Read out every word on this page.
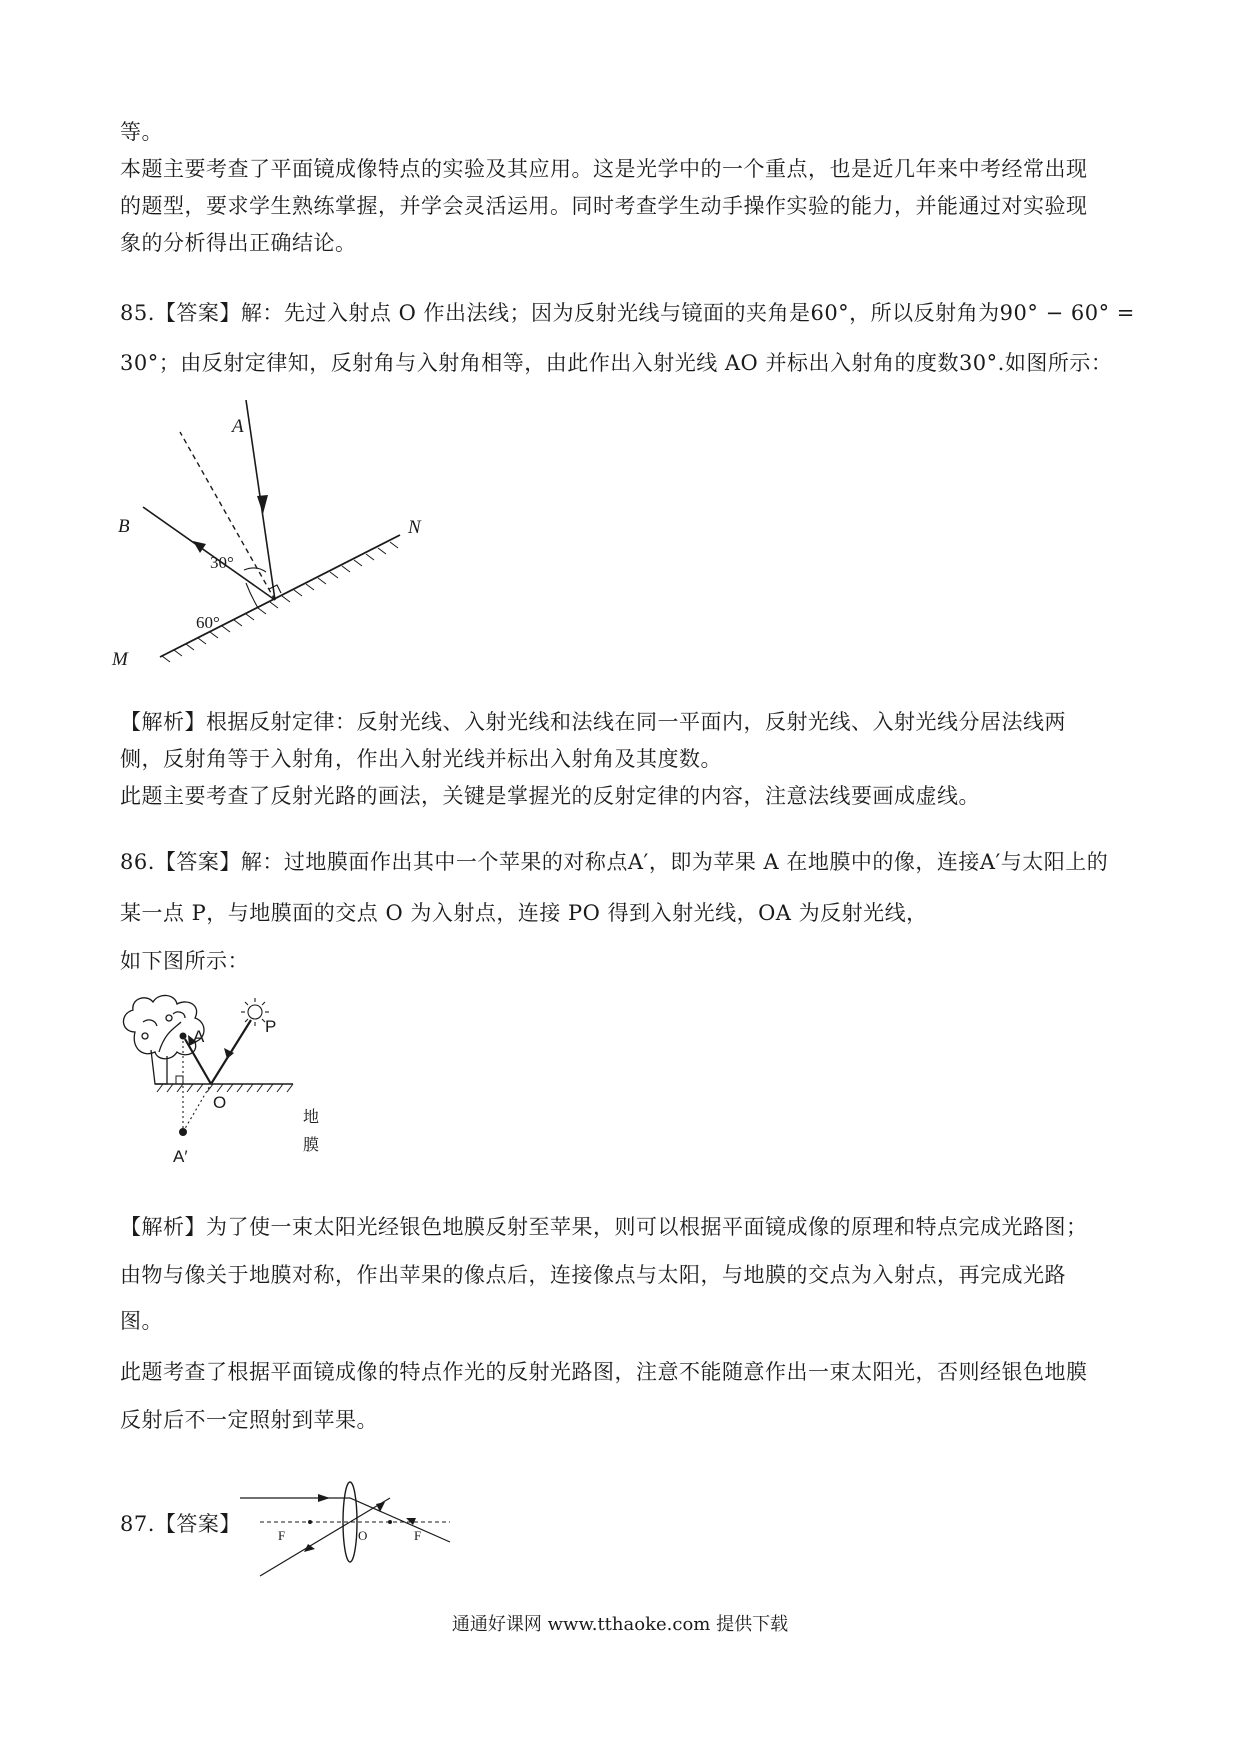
等。
本题主要考查了平面镜成像特点的实验及其应用。这是光学中的一个重点，也是近几年来中考经常出现
的题型，要求学生熟练掌握，并学会灵活运用。同时考查学生动手操作实验的能力，并能通过对实验现
象的分析得出正确结论。
85.【答案】解：先过入射点 O 作出法线；因为反射光线与镜面的夹角是60°，所以反射角为90° − 60° =
30°；由反射定律知，反射角与入射角相等，由此作出入射光线 AO 并标出入射角的度数30°.如图所示：
A
B	N
M
30°
60°
【解析】根据反射定律：反射光线、入射光线和法线在同一平面内，反射光线、入射光线分居法线两
侧，反射角等于入射角，作出入射光线并标出入射角及其度数。
此题主要考查了反射光路的画法，关键是掌握光的反射定律的内容，注意法线要画成虚线。
86.【答案】解：过地膜面作出其中一个苹果的对称点A′，即为苹果 A 在地膜中的像，连接A′与太阳上的
某一点 P，与地膜面的交点 O 为入射点，连接 PO 得到入射光线，OA 为反射光线，
如下图所示：
A
P
O
A′
地
膜
【解析】为了使一束太阳光经银色地膜反射至苹果，则可以根据平面镜成像的原理和特点完成光路图；
由物与像关于地膜对称，作出苹果的像点后，连接像点与太阳，与地膜的交点为入射点，再完成光路
图。
此题考查了根据平面镜成像的特点作光的反射光路图，注意不能随意作出一束太阳光，否则经银色地膜
反射后不一定照射到苹果。
87.【答案】	F	O	F
通通好课网 www.tthaoke.com 提供下载
